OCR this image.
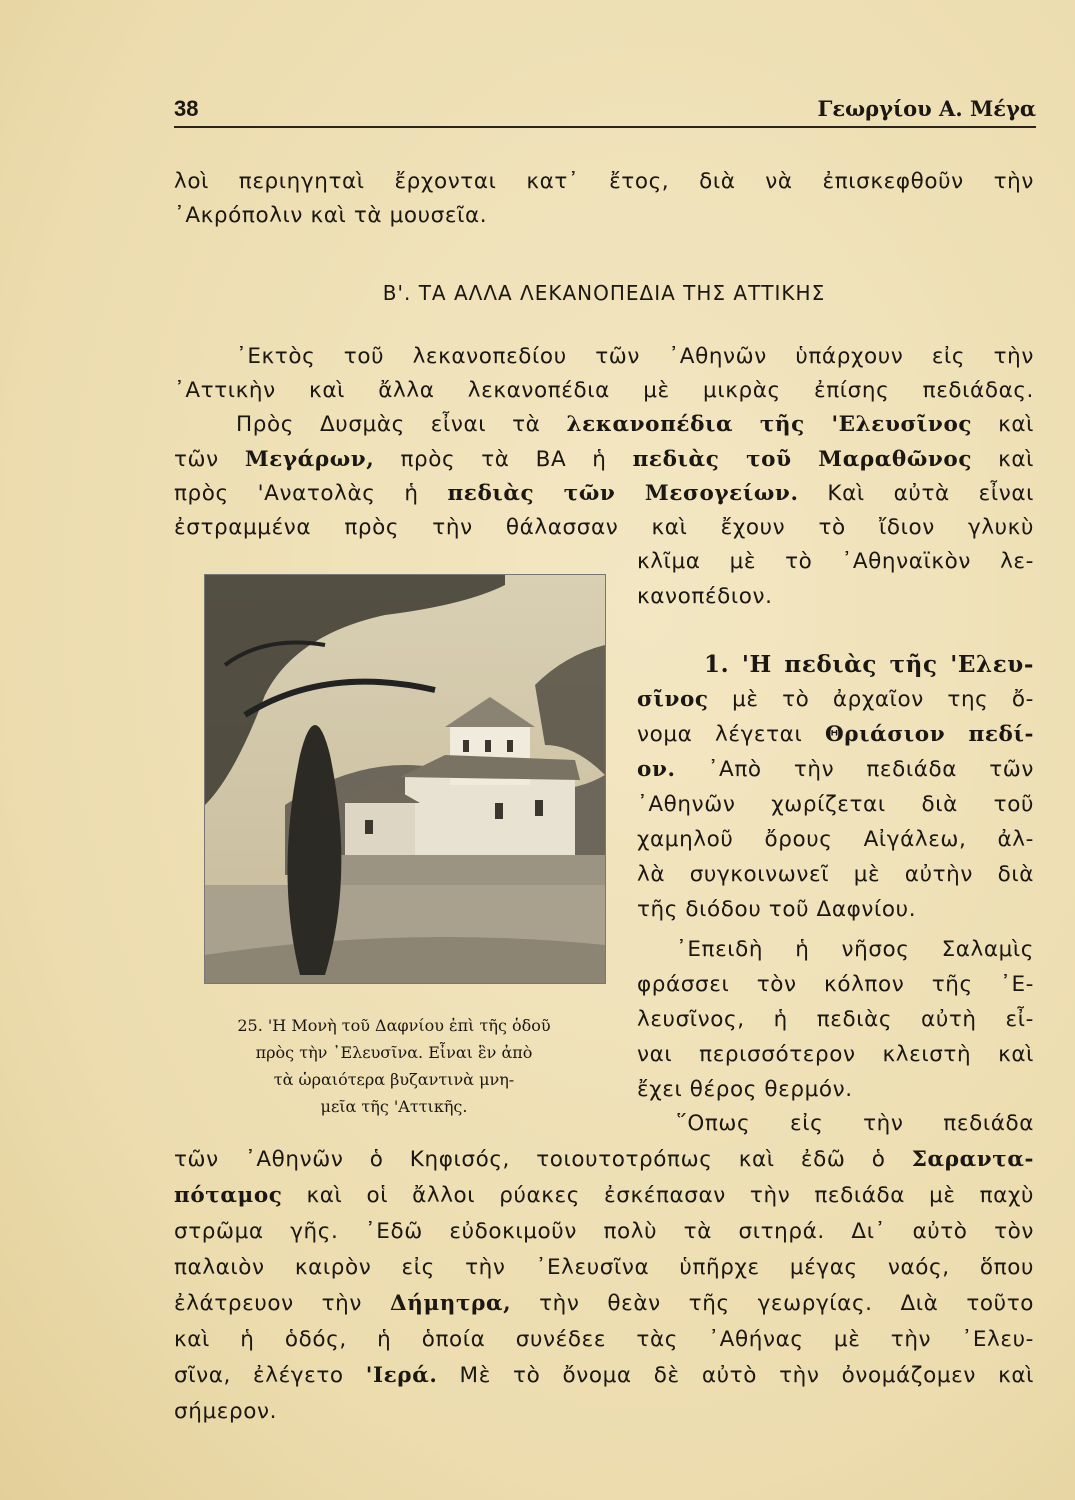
38	Γεωργίου Α. Μέγα
λοὶ περιηγηταὶ ἔρχονται κατ᾿ ἔτος, διὰ νὰ ἐπισκεφθοῦν τὴν
᾿Ακρόπολιν καὶ τὰ μουσεῖα.
Β'. ΤΑ ΑΛΛΑ ΛΕΚΑΝΟΠΕΔΙΑ ΤΗΣ ΑΤΤΙΚΗΣ
᾿Εκτὸς τοῦ λεκανοπεδίου τῶν ᾿Αθηνῶν ὑπάρχουν εἰς τὴν
᾿Αττικὴν καὶ ἄλλα λεκανοπέδια μὲ μικρὰς ἐπίσης πεδιάδας.
Πρὸς Δυσμὰς εἶναι τὰ λεκανοπέδια τῆς 'Ελευσῖνος καὶ
τῶν Μεγάρων, πρὸς τὰ ΒΑ ἡ πεδιὰς τοῦ Μαραθῶνος καὶ
πρὸς 'Ανατολὰς ἡ πεδιὰς τῶν Μεσογείων. Καὶ αὐτὰ εἶναι
ἐστραμμένα πρὸς τὴν θάλασσαν καὶ ἔχουν τὸ ἴδιον γλυκὺ
κλῖμα μὲ τὸ ᾿Αθηναϊκὸν λε-
κανοπέδιον.
1. 'Η πεδιὰς τῆς 'Ελευ-
σῖνος μὲ τὸ ἀρχαῖον της ὄ-
νομα λέγεται Θριάσιον πεδί-
ον. ᾿Απὸ τὴν πεδιάδα τῶν
᾿Αθηνῶν χωρίζεται διὰ τοῦ
χαμηλοῦ ὄρους Αἰγάλεω, ἀλ-
λὰ συγκοινωνεῖ μὲ αὐτὴν διὰ
τῆς διόδου τοῦ Δαφνίου.
᾿Επειδὴ ἡ νῆσος Σαλαμὶς
φράσσει τὸν κόλπον τῆς ᾿Ε-
λευσῖνος, ἡ πεδιὰς αὐτὴ εἶ-
ναι περισσότερον κλειστὴ καὶ
ἔχει θέρος θερμόν.
῞Οπως εἰς τὴν πεδιάδα
τῶν ᾿Αθηνῶν ὁ Κηφισός, τοιουτοτρόπως καὶ ἐδῶ ὁ Σαραντα-
πόταμος καὶ οἱ ἄλλοι ρύακες ἐσκέπασαν τὴν πεδιάδα μὲ παχὺ
στρῶμα γῆς. ᾿Εδῶ εὐδοκιμοῦν πολὺ τὰ σιτηρά. Δι᾿ αὐτὸ τὸν
παλαιὸν καιρὸν εἰς τὴν ᾿Ελευσῖνα ὑπῆρχε μέγας ναός, ὅπου
ἐλάτρευον τὴν Δήμητρα, τὴν θεὰν τῆς γεωργίας. Διὰ τοῦτο
καὶ ἡ ὁδός, ἡ ὁποία συνέδεε τὰς ᾿Αθήνας μὲ τὴν ᾿Ελευ-
σῖνα, ἐλέγετο 'Ιερά. Μὲ τὸ ὄνομα δὲ αὐτὸ τὴν ὀνομάζομεν καὶ
σήμερον.
25. 'Η Μονὴ τοῦ Δαφνίου ἐπὶ τῆς ὁδοῦ
πρὸς τὴν ᾿Ελευσῖνα. Εἶναι ἓν ἀπὸ
τὰ ὡραιότερα βυζαντινὰ μνη-
μεῖα τῆς 'Αττικῆς.
